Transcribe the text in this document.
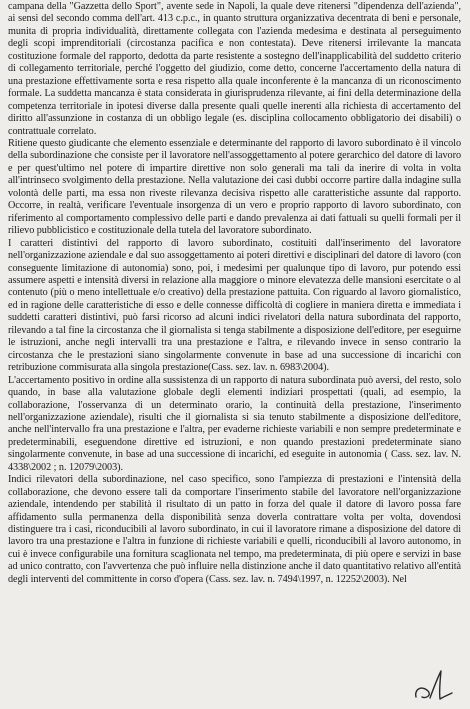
campana della "Gazzetta dello Sport", avente sede in Napoli, la quale deve ritenersi "dipendenza dell'azienda", ai sensi del secondo comma dell'art. 413 c.p.c., in quanto struttura organizzativa decentrata di beni e personale, munita di propria individualità, direttamente collegata con l'azienda medesima e destinata al perseguimento degli scopi imprenditoriali (circostanza pacifica e non contestata). Deve ritenersi irrilevante la mancata costituzione formale del rapporto, dedotta da parte resistente a sostegno dell'inapplicabilità del suddetto criterio di collegamento territoriale, perché l'oggetto del giudizio, come detto, concerne l'accertamento della natura di una prestazione effettivamente sorta e resa rispetto alla quale inconferente è la mancanza di un riconoscimento formale. La suddetta mancanza è stata considerata in giurisprudenza rilevante, ai fini della determinazione della competenza territoriale in ipotesi diverse dalla presente quali quelle inerenti alla richiesta di accertamento del diritto all'assunzione in costanza di un obbligo legale (es. disciplina collocamento obbligatorio dei disabili) o contrattuale correlato.

Ritiene questo giudicante che elemento essenziale e determinante del rapporto di lavoro subordinato è il vincolo della subordinazione che consiste per il lavoratore nell'assoggettamento al potere gerarchico del datore di lavoro e per quest'ultimo nel potere di impartire direttive non solo generali ma tali da inerire di volta in volta all'intrinseco svolgimento della prestazione. Nella valutazione dei casi dubbi occorre partire dalla indagine sulla volontà delle parti, ma essa non riveste rilevanza decisiva rispetto alle caratteristiche assunte dal rapporto. Occorre, in realtà, verificare l'eventuale insorgenza di un vero e proprio rapporto di lavoro subordinato, con riferimento al comportamento complessivo delle parti e dando prevalenza ai dati fattuali su quelli formali per il rilievo pubblicistico e costituzionale della tutela del lavoratore subordinato.

I caratteri distintivi del rapporto di lavoro subordinato, costituiti dall'inserimento del lavoratore nell'organizzazione aziendale e dal suo assoggettamento ai poteri direttivi e disciplinari del datore di lavoro (con conseguente limitazione di autonomia) sono, poi, i medesimi per qualunque tipo di lavoro, pur potendo essi assumere aspetti e intensità diversi in relazione alla maggiore o minore elevatezza delle mansioni esercitate o al contenuto (più o meno intellettuale e/o creativo) della prestazione pattuita. Con riguardo al lavoro giornalistico, ed in ragione delle caratteristiche di esso e delle connesse difficoltà di cogliere in maniera diretta e immediata i suddetti caratteri distintivi, può farsi ricorso ad alcuni indici rivelatori della natura subordinata del rapporto, rilevando a tal fine la circostanza che il giornalista si tenga stabilmente a disposizione dell'editore, per eseguirne le istruzioni, anche negli intervalli tra una prestazione e l'altra, e rilevando invece in senso contrario la circostanza che le prestazioni siano singolarmente convenute in base ad una successione di incarichi con retribuzione commisurata alla singola prestazione(Cass. sez. lav. n. 6983\2004).

L'accertamento positivo in ordine alla sussistenza di un rapporto di natura subordinata può aversi, del resto, solo quando, in base alla valutazione globale degli elementi indiziari prospettati (quali, ad esempio, la collaborazione, l'osservanza di un determinato orario, la continuità della prestazione, l'inserimento nell'organizzazione aziendale), risulti che il giornalista si sia tenuto stabilmente a disposizione dell'editore, anche nell'intervallo fra una prestazione e l'altra, per evaderne richieste variabili e non sempre predeterminate e predeterminabili, eseguendone direttive ed istruzioni, e non quando prestazioni predeterminate siano singolarmente convenute, in base ad una successione di incarichi, ed eseguite in autonomia ( Cass. sez. lav. N. 4338\2002 ; n. 12079\2003).

Indici rilevatori della subordinazione, nel caso specifico, sono l'ampiezza di prestazioni e l'intensità della collaborazione, che devono essere tali da comportare l'inserimento stabile del lavoratore nell'organizzazione aziendale, intendendo per stabilità il risultato di un patto in forza del quale il datore di lavoro possa fare affidamento sulla permanenza della disponibilità senza doverla contrattare volta per volta, dovendosi distinguere tra i casi, riconducibili al lavoro subordinato, in cui il lavoratore rimane a disposizione del datore di lavoro tra una prestazione e l'altra in funzione di richieste variabili e quelli, riconducibili al lavoro autonomo, in cui è invece configurabile una fornitura scaglionata nel tempo, ma predeterminata, di più opere e servizi in base ad unico contratto, con l'avvertenza che può influire nella distinzione anche il dato quantitativo relativo all'entità degli interventi del committente in corso d'opera (Cass. sez. lav. n. 7494\1997, n. 12252\2003). Nel
